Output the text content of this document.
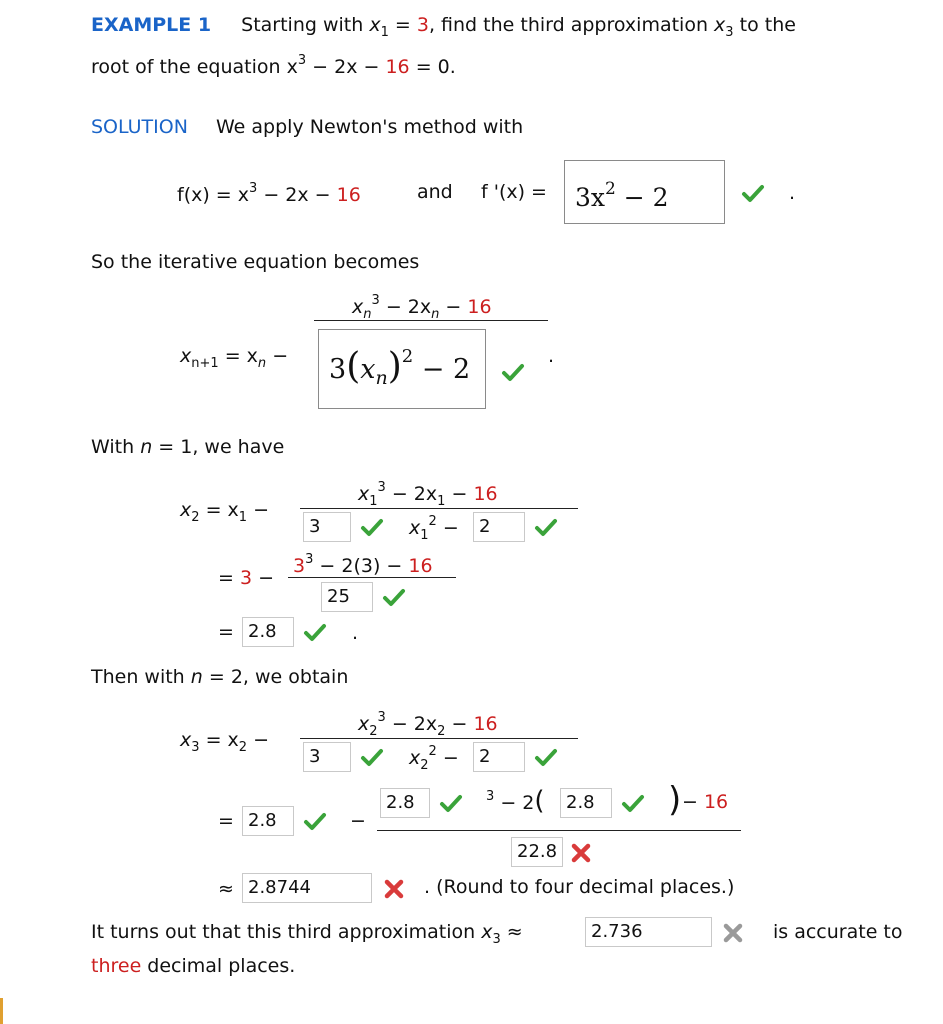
EXAMPLE 1 Starting with $x_1 = 3$, find the third approximation $x_3$ to the
root of the equation $x^3 - 2x - 16 = 0$.
SOLUTION We apply Newton's method with
$f(x) = x^3 - 2x - 16$	and f '$(x) = 3x^2 - 2$	.
So the iterative equation becomes
$x_n^3 - 2x_n - 16$
$x_{n+1} = x_n - 3(x_n)^2 - 2$	.
With n = 1, we have
$x_1^3 - 2x_1 - 16$
$x_2 = x_1$ −
3	$x_1^2$ −	2
$3^3 - 2(3) - 16$
= 3 −
25
= 2.8	.
Then with n = 2, we obtain
$x_2^3 - 2x_2 - 16$
$x_3 = x_2$ −
3	$x_2^2$ −	2
= 2.8	−
2.8	$^3$ − 2(	2.8	) − 16
22.8
≈ 2.8744	. (Round to four decimal places.)
It turns out that this third approximation $x_3$ ≈	2.736	is accurate to
three decimal places.
